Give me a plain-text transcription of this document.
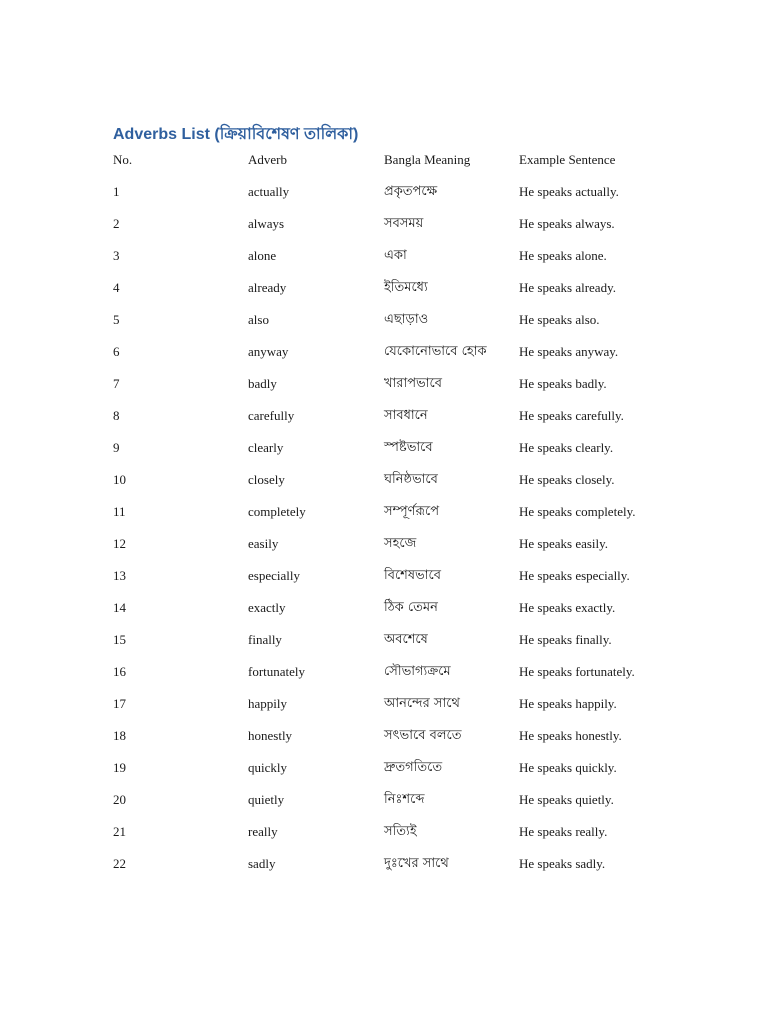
Adverbs List (ক্রিয়াবিশেষণ তালিকা)
No.	Adverb	Bangla Meaning	Example Sentence
1	actually	প্রকৃতপক্ষে	He speaks actually.
2	always	সবসময়	He speaks always.
3	alone	একা	He speaks alone.
4	already	ইতিমধ্যে	He speaks already.
5	also	এছাড়াও	He speaks also.
6	anyway	যেকোনোভাবে হোক	He speaks anyway.
7	badly	খারাপভাবে	He speaks badly.
8	carefully	সাবধানে	He speaks carefully.
9	clearly	স্পষ্টভাবে	He speaks clearly.
10	closely	ঘনিষ্ঠভাবে	He speaks closely.
11	completely	সম্পূর্ণরূপে	He speaks completely.
12	easily	সহজে	He speaks easily.
13	especially	বিশেষভাবে	He speaks especially.
14	exactly	ঠিক তেমন	He speaks exactly.
15	finally	অবশেষে	He speaks finally.
16	fortunately	সৌভাগ্যক্রমে	He speaks fortunately.
17	happily	আনন্দের সাথে	He speaks happily.
18	honestly	সৎভাবে বলতে	He speaks honestly.
19	quickly	দ্রুতগতিতে	He speaks quickly.
20	quietly	নিঃশব্দে	He speaks quietly.
21	really	সত্যিই	He speaks really.
22	sadly	দুঃখের সাথে	He speaks sadly.
